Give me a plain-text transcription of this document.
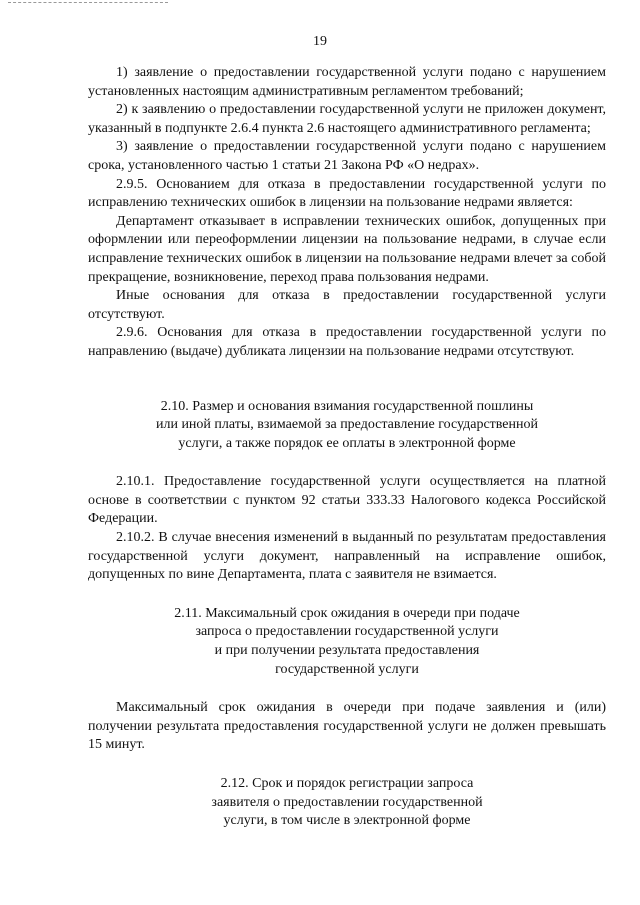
19

1) заявление о предоставлении государственной услуги подано с нарушением установленных настоящим административным регламентом требований;

2) к заявлению о предоставлении государственной услуги не приложен документ, указанный в подпункте 2.6.4 пункта 2.6 настоящего административного регламента;

3) заявление о предоставлении государственной услуги подано с нарушением срока, установленного частью 1 статьи 21 Закона РФ «О недрах».

2.9.5. Основанием для отказа в предоставлении государственной услуги по исправлению технических ошибок в лицензии на пользование недрами является:

Департамент отказывает в исправлении технических ошибок, допущенных при оформлении или переоформлении лицензии на пользование недрами, в случае если исправление технических ошибок в лицензии на пользование недрами влечет за собой прекращение, возникновение, переход права пользования недрами.

Иные основания для отказа в предоставлении государственной услуги отсутствуют.

2.9.6. Основания для отказа в предоставлении государственной услуги по направлению (выдаче) дубликата лицензии на пользование недрами отсутствуют.

2.10. Размер и основания взимания государственной пошлины
или иной платы, взимаемой за предоставление государственной
услуги, а также порядок ее оплаты в электронной форме

2.10.1. Предоставление государственной услуги осуществляется на платной основе в соответствии с пунктом 92 статьи 333.33 Налогового кодекса Российской Федерации.

2.10.2. В случае внесения изменений в выданный по результатам предоставления государственной услуги документ, направленный на исправление ошибок, допущенных по вине Департамента, плата с заявителя не взимается.

2.11. Максимальный срок ожидания в очереди при подаче
запроса о предоставлении государственной услуги
и при получении результата предоставления
государственной услуги

Максимальный срок ожидания в очереди при подаче заявления и (или) получении результата предоставления государственной услуги не должен превышать 15 минут.

2.12. Срок и порядок регистрации запроса
заявителя о предоставлении государственной
услуги, в том числе в электронной форме
